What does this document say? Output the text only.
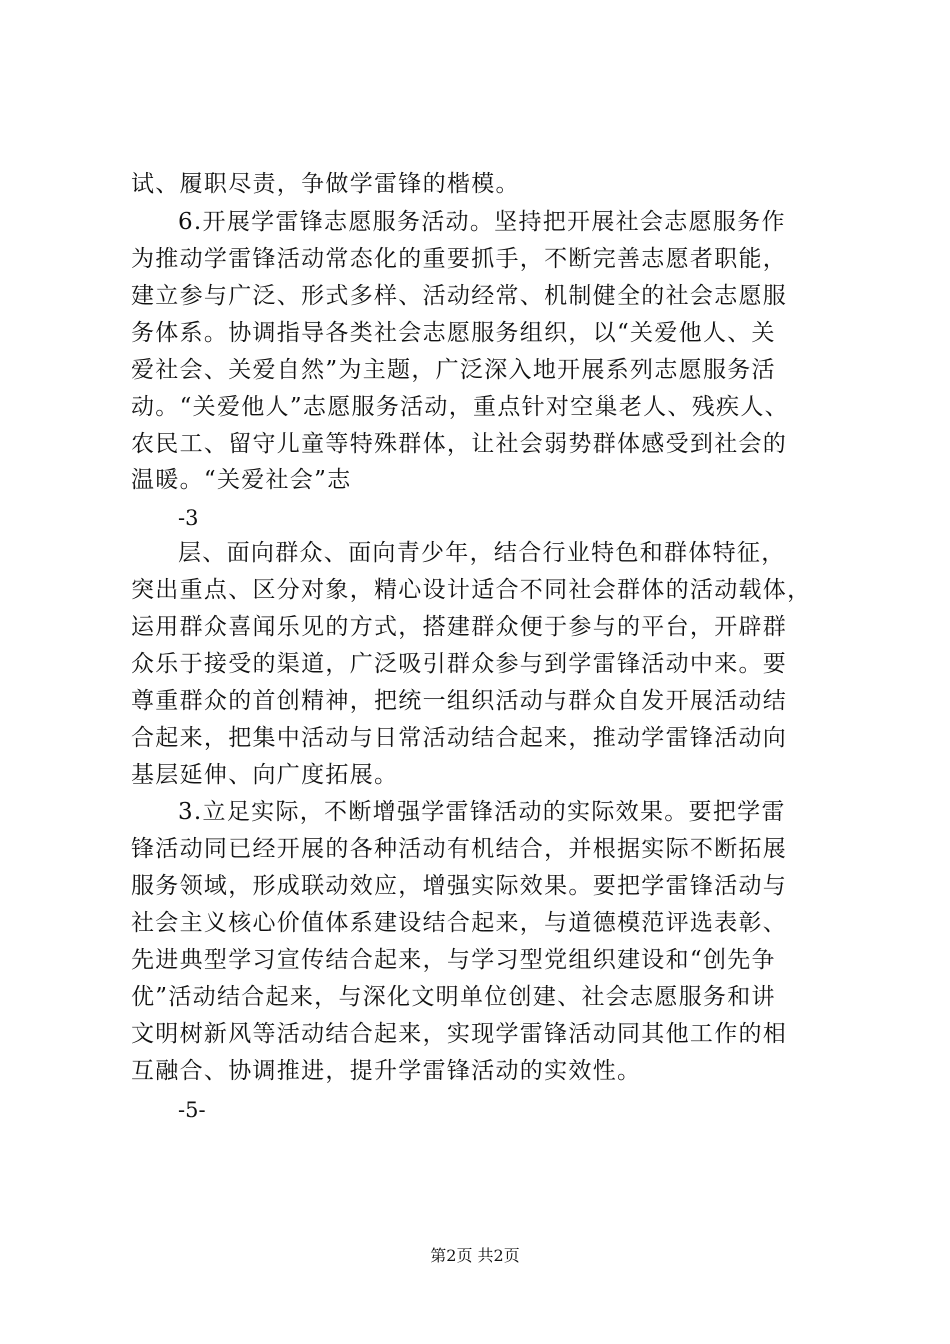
试、履职尽责，争做学雷锋的楷模。
6.开展学雷锋志愿服务活动。坚持把开展社会志愿服务作
为推动学雷锋活动常态化的重要抓手，不断完善志愿者职能，
建立参与广泛、形式多样、活动经常、机制健全的社会志愿服
务体系。协调指导各类社会志愿服务组织，以“关爱他人、关
爱社会、关爱自然”为主题，广泛深入地开展系列志愿服务活
动。“关爱他人”志愿服务活动，重点针对空巢老人、残疾人、
农民工、留守儿童等特殊群体，让社会弱势群体感受到社会的
温暖。“关爱社会”志
-3
层、面向群众、面向青少年，结合行业特色和群体特征，
突出重点、区分对象，精心设计适合不同社会群体的活动载体，
运用群众喜闻乐见的方式，搭建群众便于参与的平台，开辟群
众乐于接受的渠道，广泛吸引群众参与到学雷锋活动中来。要
尊重群众的首创精神，把统一组织活动与群众自发开展活动结
合起来，把集中活动与日常活动结合起来，推动学雷锋活动向
基层延伸、向广度拓展。
3.立足实际，不断增强学雷锋活动的实际效果。要把学雷
锋活动同已经开展的各种活动有机结合，并根据实际不断拓展
服务领域，形成联动效应，增强实际效果。要把学雷锋活动与
社会主义核心价值体系建设结合起来，与道德模范评选表彰、
先进典型学习宣传结合起来，与学习型党组织建设和“创先争
优”活动结合起来，与深化文明单位创建、社会志愿服务和讲
文明树新风等活动结合起来，实现学雷锋活动同其他工作的相
互融合、协调推进，提升学雷锋活动的实效性。
-5-
第2页 共2页
